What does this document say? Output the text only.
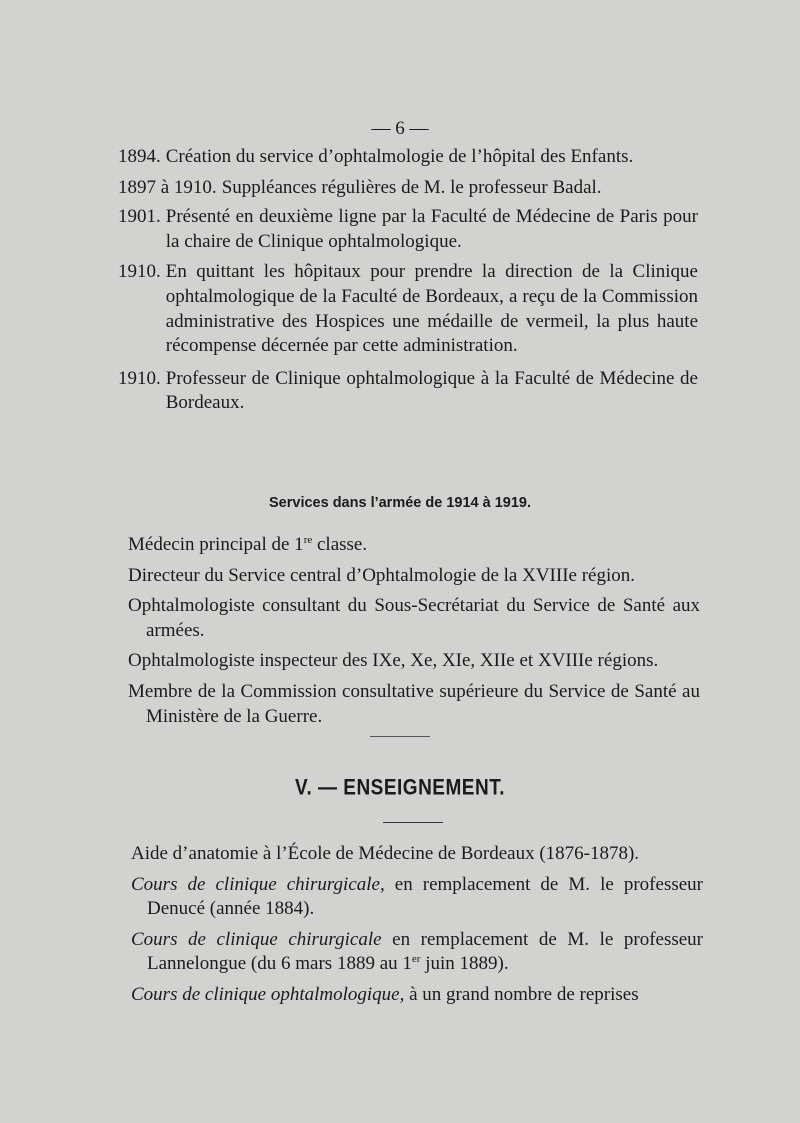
— 6 —
1894. Création du service d’ophtalmologie de l’hôpital des Enfants.
1897 à 1910. Suppléances régulières de M. le professeur Badal.
1901. Présenté en deuxième ligne par la Faculté de Médecine de Paris pour la chaire de Clinique ophtalmologique.
1910. En quittant les hôpitaux pour prendre la direction de la Clinique ophtalmologique de la Faculté de Bordeaux, a reçu de la Commission administrative des Hospices une médaille de vermeil, la plus haute récompense décernée par cette administration.
1910. Professeur de Clinique ophtalmologique à la Faculté de Médecine de Bordeaux.
Services dans l’armée de 1914 à 1919.
Médecin principal de 1re classe.
Directeur du Service central d’Ophtalmologie de la XVIIIe région.
Ophtalmologiste consultant du Sous-Secrétariat du Service de Santé aux armées.
Ophtalmologiste inspecteur des IXe, Xe, XIe, XIIe et XVIIIe régions.
Membre de la Commission consultative supérieure du Service de Santé au Ministère de la Guerre.
V. — ENSEIGNEMENT.
Aide d’anatomie à l’École de Médecine de Bordeaux (1876-1878).
Cours de clinique chirurgicale, en remplacement de M. le professeur Denucé (année 1884).
Cours de clinique chirurgicale en remplacement de M. le professeur Lannelongue (du 6 mars 1889 au 1er juin 1889).
Cours de clinique ophtalmologique, à un grand nombre de reprises
